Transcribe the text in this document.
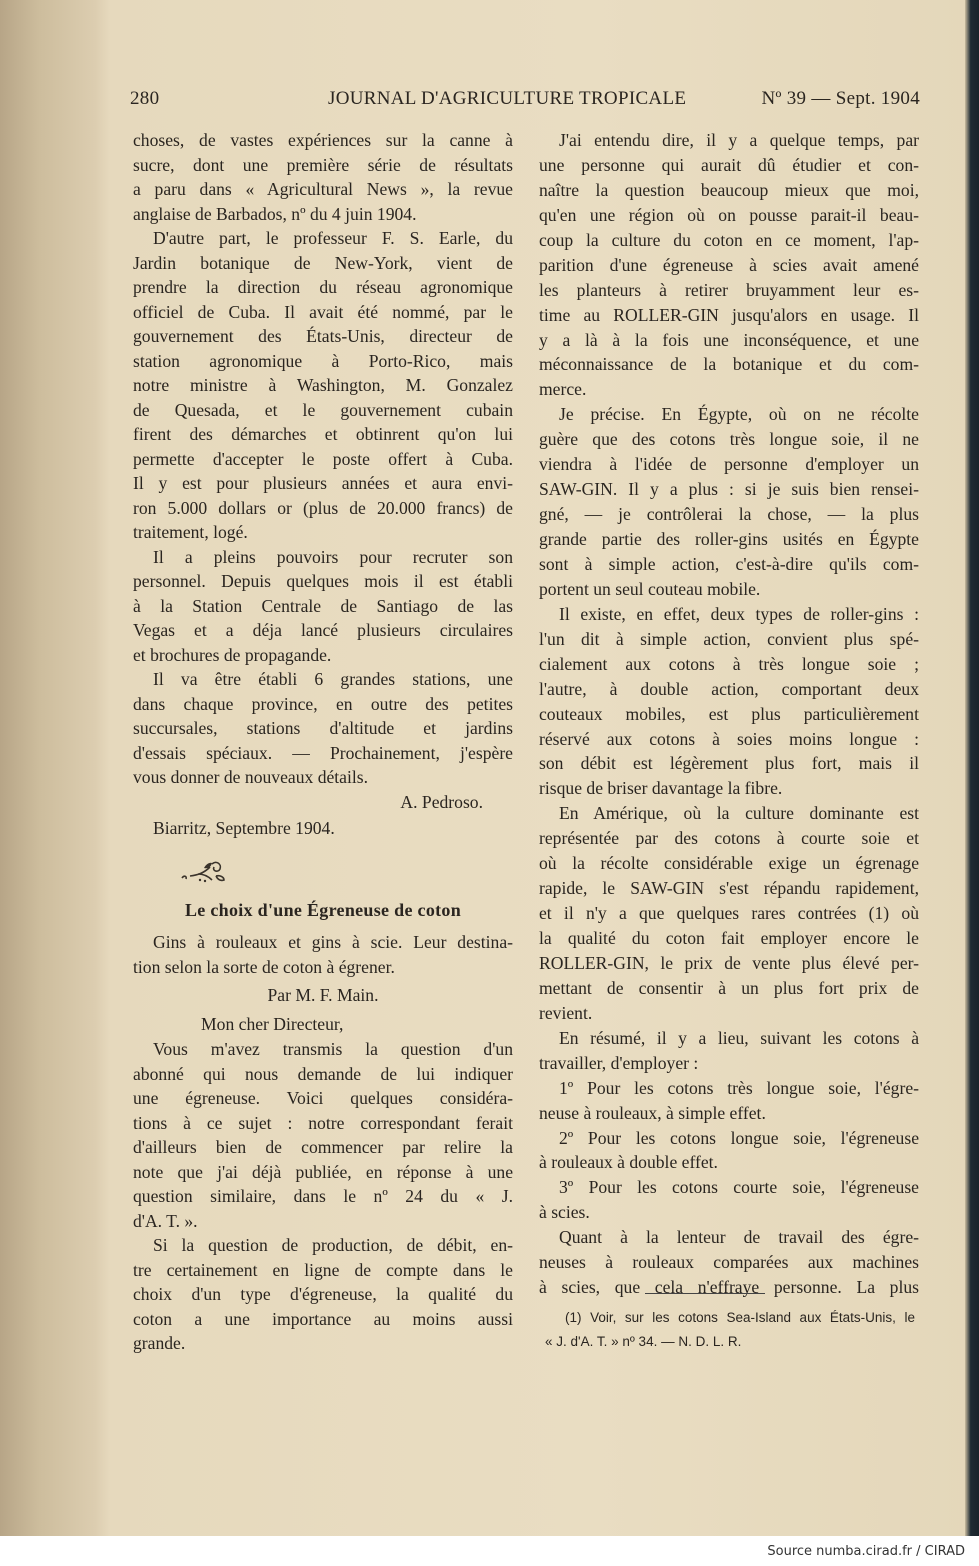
280	JOURNAL D'AGRICULTURE TROPICALE	Nº 39 — Sept. 1904
choses, de vastes expériences sur la canne à
sucre, dont une première série de résultats
a paru dans « Agricultural News », la revue
anglaise de Barbados, nº du 4 juin 1904.
D'autre part, le professeur F. S. Earle, du
Jardin botanique de New-York, vient de
prendre la direction du réseau agronomique
officiel de Cuba. Il avait été nommé, par le
gouvernement des États-Unis, directeur de
station agronomique à Porto-Rico, mais
notre ministre à Washington, M. Gonzalez
de Quesada, et le gouvernement cubain
firent des démarches et obtinrent qu'on lui
permette d'accepter le poste offert à Cuba.
Il y est pour plusieurs années et aura envi-
ron 5.000 dollars or (plus de 20.000 francs) de
traitement, logé.
Il a pleins pouvoirs pour recruter son
personnel. Depuis quelques mois il est établi
à la Station Centrale de Santiago de las
Vegas et a déja lancé plusieurs circulaires
et brochures de propagande.
Il va être établi 6 grandes stations, une
dans chaque province, en outre des petites
succursales, stations d'altitude et jardins
d'essais spéciaux. — Prochainement, j'espère
vous donner de nouveaux détails.
A. Pedroso.
Biarritz, Septembre 1904.
Le choix d'une Égreneuse de coton
Gins à rouleaux et gins à scie. Leur destina-
tion selon la sorte de coton à égrener.
Par M. F. Main.
Mon cher Directeur,
Vous m'avez transmis la question d'un
abonné qui nous demande de lui indiquer
une égreneuse. Voici quelques considéra-
tions à ce sujet : notre correspondant ferait
d'ailleurs bien de commencer par relire la
note que j'ai déjà publiée, en réponse à une
question similaire, dans le nº 24 du « J.
d'A. T. ».
Si la question de production, de débit, en-
tre certainement en ligne de compte dans le
choix d'un type d'égreneuse, la qualité du
coton a une importance au moins aussi
grande.
J'ai entendu dire, il y a quelque temps, par
une personne qui aurait dû étudier et con-
naître la question beaucoup mieux que moi,
qu'en une région où on pousse parait-il beau-
coup la culture du coton en ce moment, l'ap-
parition d'une égreneuse à scies avait amené
les planteurs à retirer bruyamment leur es-
time au ROLLER-GIN jusqu'alors en usage. Il
y a là à la fois une inconséquence, et une
méconnaissance de la botanique et du com-
merce.
Je précise. En Égypte, où on ne récolte
guère que des cotons très longue soie, il ne
viendra à l'idée de personne d'employer un
SAW-GIN. Il y a plus : si je suis bien rensei-
gné, — je contrôlerai la chose, — la plus
grande partie des roller-gins usités en Égypte
sont à simple action, c'est-à-dire qu'ils com-
portent un seul couteau mobile.
Il existe, en effet, deux types de roller-gins :
l'un dit à simple action, convient plus spé-
cialement aux cotons à très longue soie ;
l'autre, à double action, comportant deux
couteaux mobiles, est plus particulièrement
réservé aux cotons à soies moins longue :
son débit est légèrement plus fort, mais il
risque de briser davantage la fibre.
En Amérique, où la culture dominante est
représentée par des cotons à courte soie et
où la récolte considérable exige un égrenage
rapide, le SAW-GIN s'est répandu rapidement,
et il n'y a que quelques rares contrées (1) où
la qualité du coton fait employer encore le
ROLLER-GIN, le prix de vente plus élevé per-
mettant de consentir à un plus fort prix de
revient.
En résumé, il y a lieu, suivant les cotons à
travailler, d'employer :
1º Pour les cotons très longue soie, l'égre-
neuse à rouleaux, à simple effet.
2º Pour les cotons longue soie, l'égreneuse
à rouleaux à double effet.
3º Pour les cotons courte soie, l'égreneuse
à scies.
Quant à la lenteur de travail des égre-
neuses à rouleaux comparées aux machines
à scies, que cela n'effraye personne. La plus
(1) Voir, sur les cotons Sea-Island aux États-Unis, le
« J. d'A. T. » nº 34. — N. D. L. R.
Source numba.cirad.fr / CIRAD
